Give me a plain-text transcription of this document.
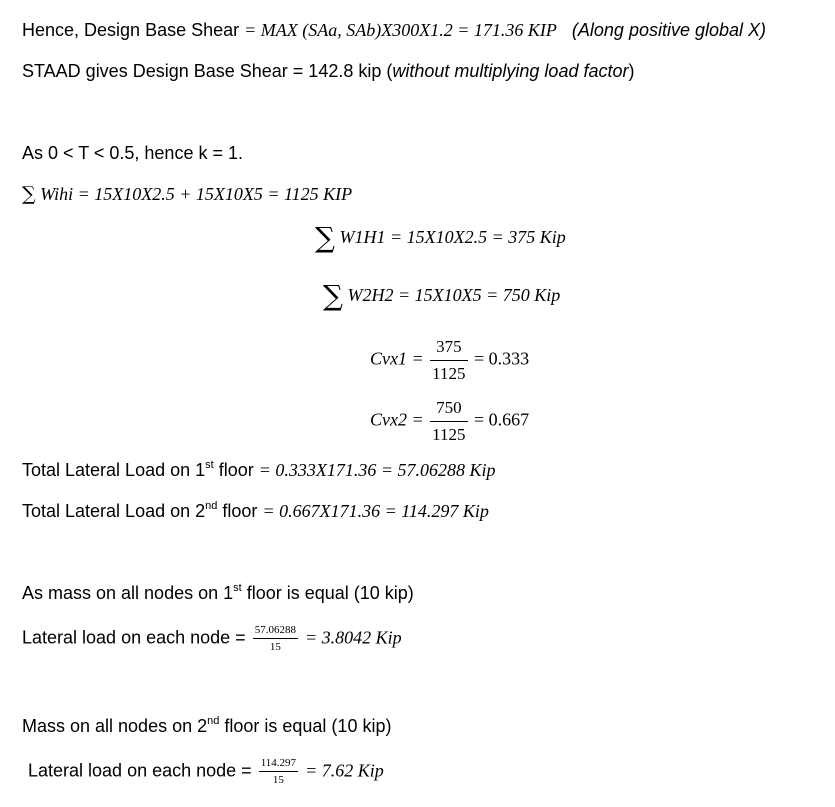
Hence, Design Base Shear = MAX (SAa, SAb)X300X1.2 = 171.36 KIP (Along positive global X)
STAAD gives Design Base Shear = 142.8 kip (without multiplying load factor)
As 0 < T < 0.5, hence k = 1.
∑ Wihi = 15X10X2.5 + 15X10X5 = 1125 KIP
∑ W1H1 = 15X10X2.5 = 375 Kip
∑ W2H2 = 15X10X5 = 750 Kip
$Cvx1 = \frac{375}{1125} = 0.333$
$Cvx2 = \frac{750}{1125} = 0.667$
Total Lateral Load on 1st floor = 0.333X171.36 = 57.06288 Kip
Total Lateral Load on 2nd floor = 0.667X171.36 = 114.297 Kip
As mass on all nodes on 1st floor is equal (10 kip)
Lateral load on each node = $\frac{57.06288}{15} = 3.8042$ Kip
Mass on all nodes on 2nd floor is equal (10 kip)
Lateral load on each node = $\frac{114.297}{15} = 7.62$ Kip
